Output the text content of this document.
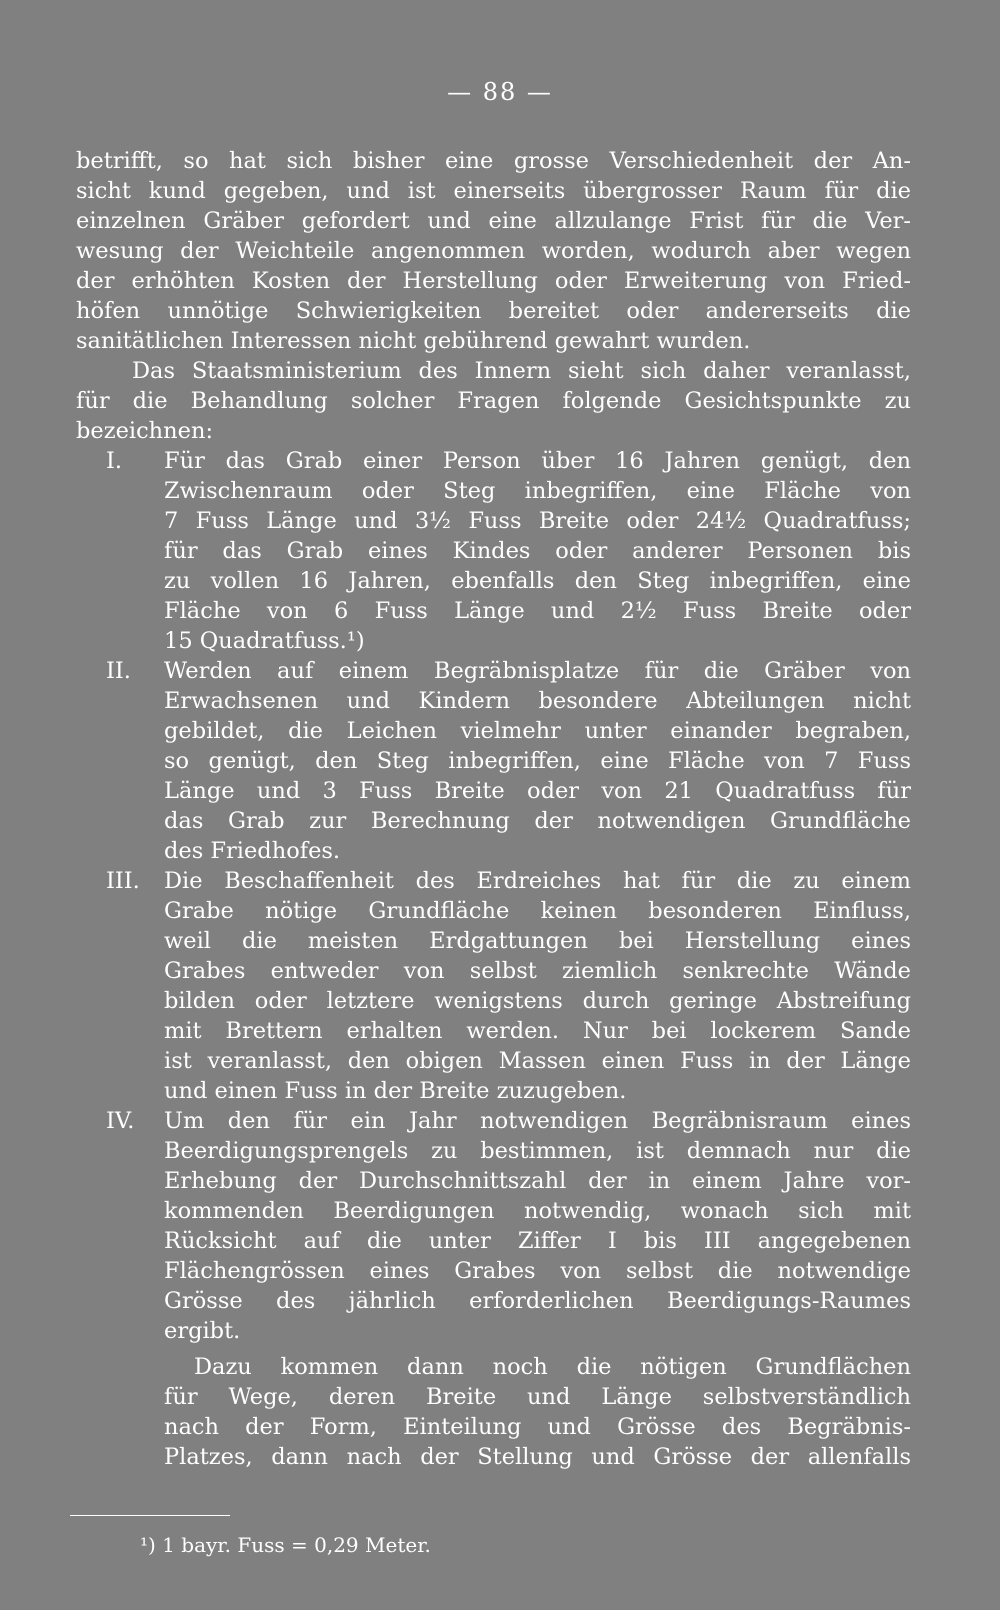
— 88 —
betrifft, so hat sich bisher eine grosse Verschiedenheit der An-
sicht kund gegeben, und ist einerseits übergrosser Raum für die
einzelnen Gräber gefordert und eine allzulange Frist für die Ver-
wesung der Weichteile angenommen worden, wodurch aber wegen
der erhöhten Kosten der Herstellung oder Erweiterung von Fried-
höfen unnötige Schwierigkeiten bereitet oder andererseits die
sanitätlichen Interessen nicht gebührend gewahrt wurden.
Das Staatsministerium des Innern sieht sich daher veranlasst,
für die Behandlung solcher Fragen folgende Gesichtspunkte zu
bezeichnen:
I.	Für das Grab einer Person über 16 Jahren genügt, den
Zwischenraum oder Steg inbegriffen, eine Fläche von
7 Fuss Länge und 3½ Fuss Breite oder 24½ Quadratfuss;
für das Grab eines Kindes oder anderer Personen bis
zu vollen 16 Jahren, ebenfalls den Steg inbegriffen, eine
Fläche von 6 Fuss Länge und 2½ Fuss Breite oder
15 Quadratfuss.¹)
II.	Werden auf einem Begräbnisplatze für die Gräber von
Erwachsenen und Kindern besondere Abteilungen nicht
gebildet, die Leichen vielmehr unter einander begraben,
so genügt, den Steg inbegriffen, eine Fläche von 7 Fuss
Länge und 3 Fuss Breite oder von 21 Quadratfuss für
das Grab zur Berechnung der notwendigen Grundfläche
des Friedhofes.
III.	Die Beschaffenheit des Erdreiches hat für die zu einem
Grabe nötige Grundfläche keinen besonderen Einfluss,
weil die meisten Erdgattungen bei Herstellung eines
Grabes entweder von selbst ziemlich senkrechte Wände
bilden oder letztere wenigstens durch geringe Abstreifung
mit Brettern erhalten werden. Nur bei lockerem Sande
ist veranlasst, den obigen Massen einen Fuss in der Länge
und einen Fuss in der Breite zuzugeben.
IV.	Um den für ein Jahr notwendigen Begräbnisraum eines
Beerdigungsprengels zu bestimmen, ist demnach nur die
Erhebung der Durchschnittszahl der in einem Jahre vor-
kommenden Beerdigungen notwendig, wonach sich mit
Rücksicht auf die unter Ziffer I bis III angegebenen
Flächengrössen eines Grabes von selbst die notwendige
Grösse des jährlich erforderlichen Beerdigungs-Raumes
ergibt.
Dazu kommen dann noch die nötigen Grundflächen
für Wege, deren Breite und Länge selbstverständlich
nach der Form, Einteilung und Grösse des Begräbnis-
Platzes, dann nach der Stellung und Grösse der allenfalls
¹) 1 bayr. Fuss = 0,29 Meter.
